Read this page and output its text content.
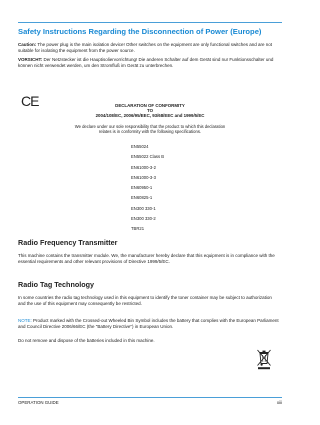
Safety Instructions Regarding the Disconnection of Power (Europe)

Caution: The power plug is the main isolation device! Other switches on the equipment are only functional switches and are not suitable for isolating the equipment from the power source.

VORSICHT: Der Netzstecker ist die Hauptisoliervorrichtung! Die anderen Schalter auf dem Gerät sind nur Funktionsschalter und können nicht verwendet werden, um den Stromfluß im Gerät zu unterbrechen.

CE	DECLARATION OF CONFORMITY
TO
2004/108/EC, 2006/95/EEC, 93/68/EEC and 1999/5/EC
We declare under our sole responsibility that the product to which this declaration relates is in conformity with the following specifications.
EN55024
EN55022 Class B
EN61000-3-2
EN61000-3-3
EN60950-1
EN60825-1
EN300 330-1
EN300 330-2
TBR21
Radio Frequency Transmitter

This machine contains the transmitter module. We, the manufacturer hereby declare that this equipment is in compliance with the essential requirements and other relevant provisions of Directive 1999/5/EC.

Radio Tag Technology

In some countries the radio tag technology used in this equipment to identify the toner container may be subject to authorization and the use of this equipment may consequently be restricted.

NOTE: Product marked with the Crossed-out Wheeled Bin Symbol includes the battery that complies with the European Parliament and Council Directive 2006/66/EC (the "Battery Directive") in European Union.

Do not remove and dispose of the batteries included in this machine.

OPERATION GUIDE	xiii
